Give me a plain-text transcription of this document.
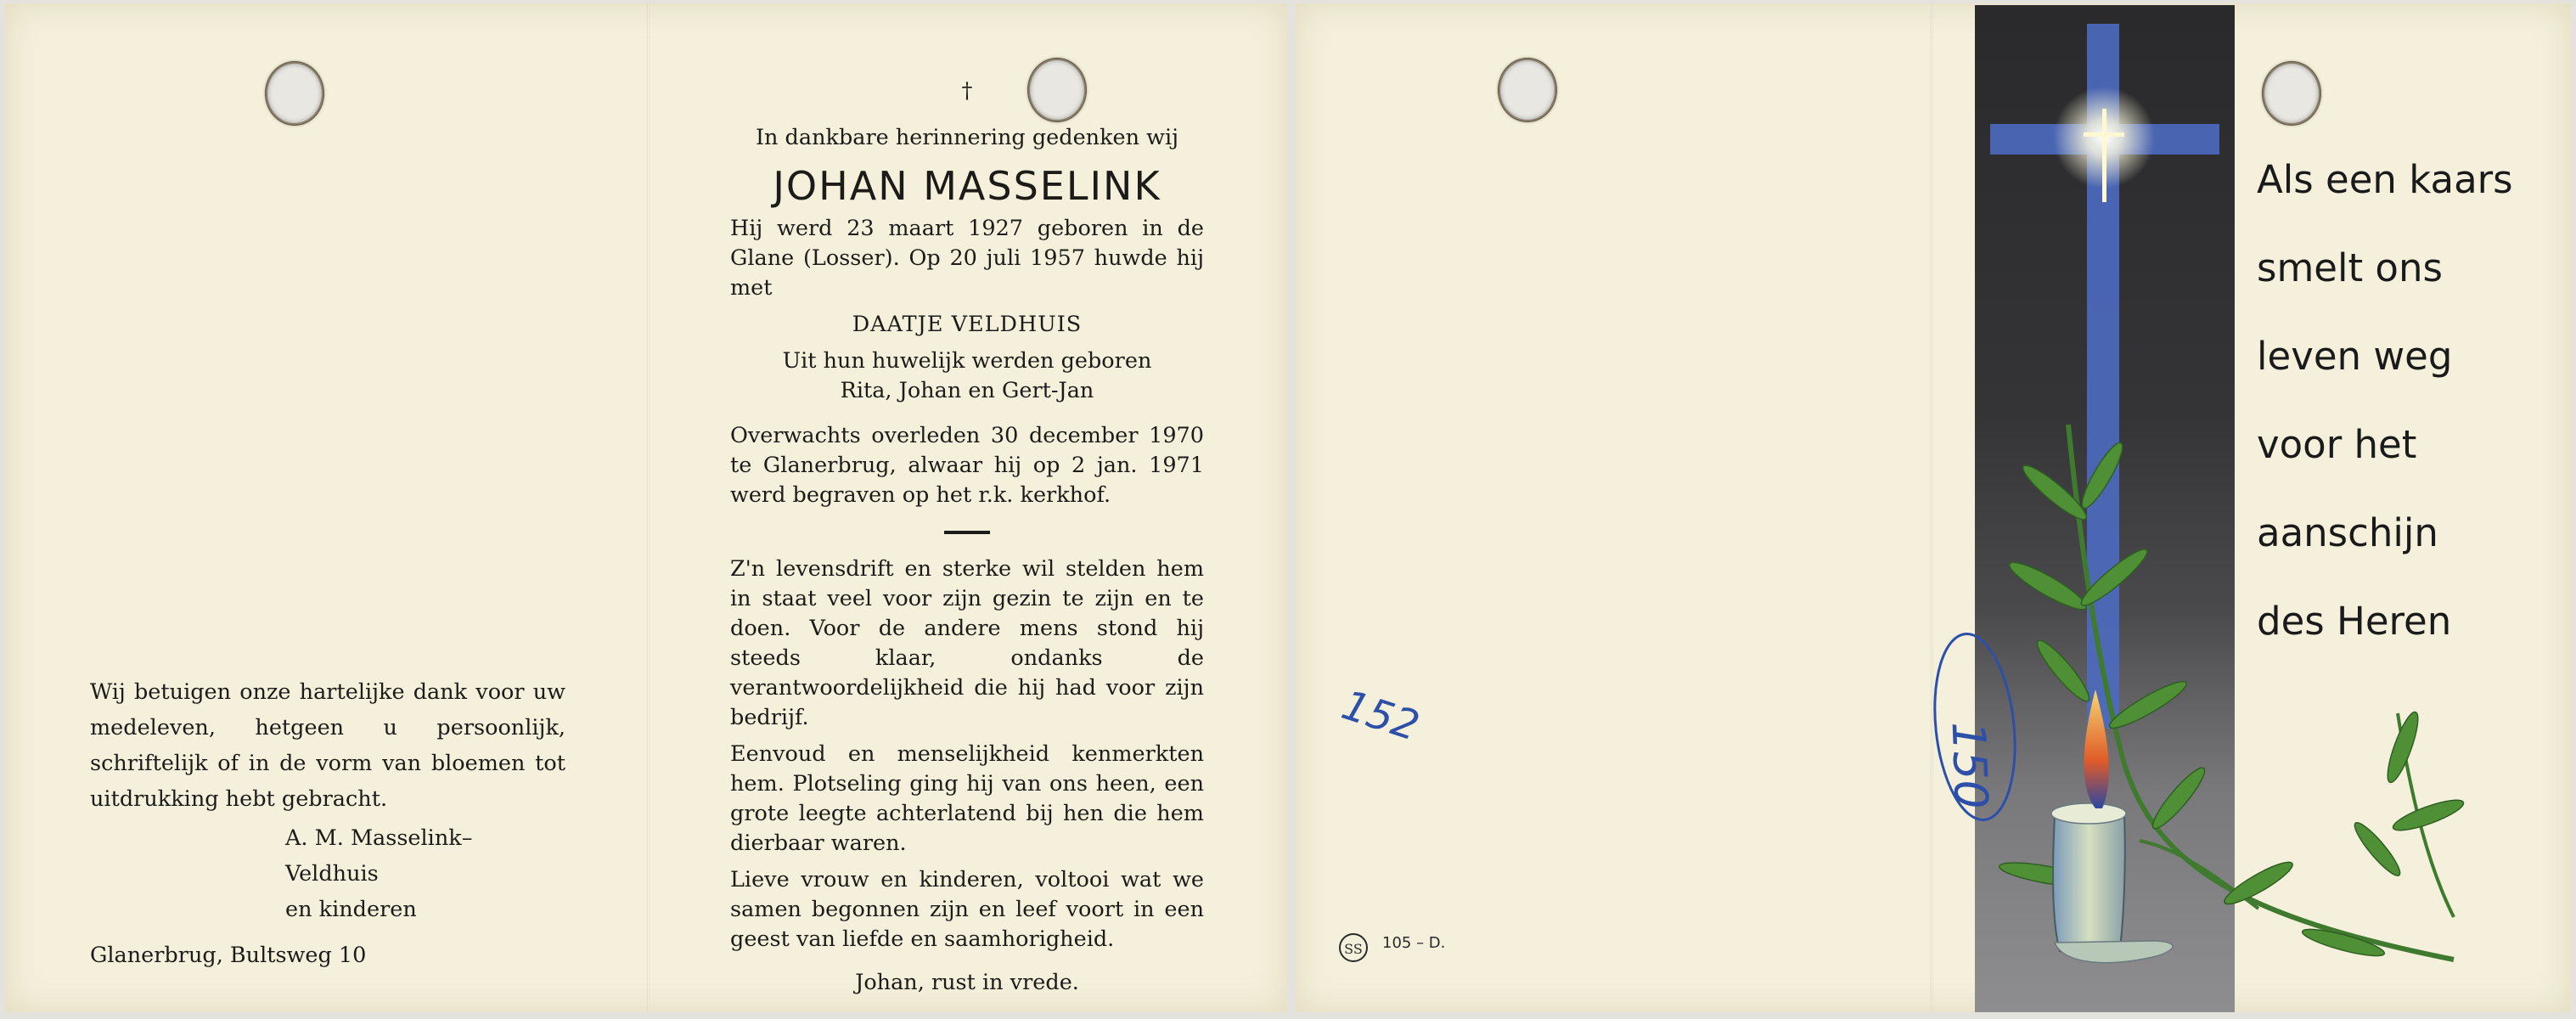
Wij betuigen onze hartelijke dank voor uw medeleven, hetgeen u persoonlijk, schriftelijk of in de vorm van bloemen tot uitdrukking hebt gebracht.

A. M. Masselink–Veldhuis

en kinderen

Glanerbrug, Bultsweg 10

†

In dankbare herinnering gedenken wij

JOHAN MASSELINK

Hij werd 23 maart 1927 geboren in de Glane (Losser). Op 20 juli 1957 huwde hij met

DAATJE VELDHUIS

Uit hun huwelijk werden geboren

Rita, Johan en Gert-Jan

Overwachts overleden 30 december 1970 te Glanerbrug, alwaar hij op 2 jan. 1971 werd begraven op het r.k. kerkhof.

Z'n levensdrift en sterke wil stelden hem in staat veel voor zijn gezin te zijn en te doen. Voor de andere mens stond hij steeds klaar, ondanks de verantwoordelijkheid die hij had voor zijn bedrijf.

Eenvoud en menselijkheid kenmerkten hem. Plotseling ging hij van ons heen, een grote leegte achterlatend bij hen die hem dierbaar waren.

Lieve vrouw en kinderen, voltooi wat we samen begonnen zijn en leef voort in een geest van liefde en saamhorigheid.

Johan, rust in vrede.

152
SS 105 – D.
150
Als een kaars
smelt ons
leven weg
voor het
aanschijn
des Heren
